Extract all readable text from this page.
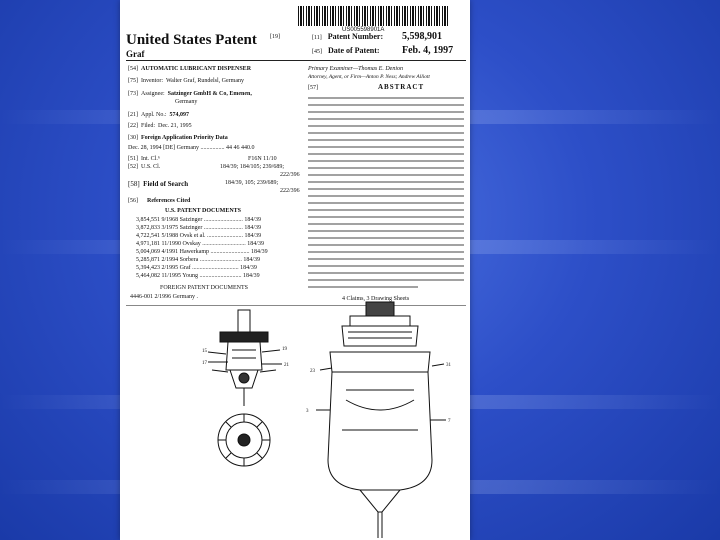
US005598901A
United States Patent [19]
Graf
[11] Patent Number: 5,598,901
[45] Date of Patent: Feb. 4, 1997
[54] AUTOMATIC LUBRICANT DISPENSER
[75] Inventor: Walter Graf, Rundelsl, Germany
[73] Assignee: Satzinger GmbH & Co, Emenen,
Germany
[21] Appl. No.: 574,097
[22] Filed: Dec. 21, 1995
[30] Foreign Application Priority Data
Dec. 28, 1994 [DE] Germany ................ 44 46 440.0
[51] Int. Cl.⁶	F16N 11/10
[52] U.S. Cl.	184/39; 184/105; 239/689;
222/396
[58] Field of Search	184/39, 105; 239/689;
222/396
[56] References Cited
U.S. PATENT DOCUMENTS
3,854,551 9/1968 Satzinger .......................... 184/39
3,872,833 3/1975 Satzinger .......................... 184/39
4,722,541 5/1988 Ovsk et al. ........................ 184/39
4,971,181 11/1990 Ovskay ............................. 184/39
5,004,069 4/1991 Hawerkamp .......................... 184/39
5,285,871 2/1994 Sorbera ............................ 184/39
5,394,423 2/1995 Graf ............................... 184/39
5,464,082 11/1995 Young ............................ 184/39
FOREIGN PATENT DOCUMENTS
4446-001 2/1996 Germany .
Primary Examiner—Thomas E. Denion
Attorney, Agent, or Firm—Anton P. Ness; Andrew Alliott
[57]	ABSTRACT
4 Claims, 3 Drawing Sheets
15
17
19
21
23
31
3
7
